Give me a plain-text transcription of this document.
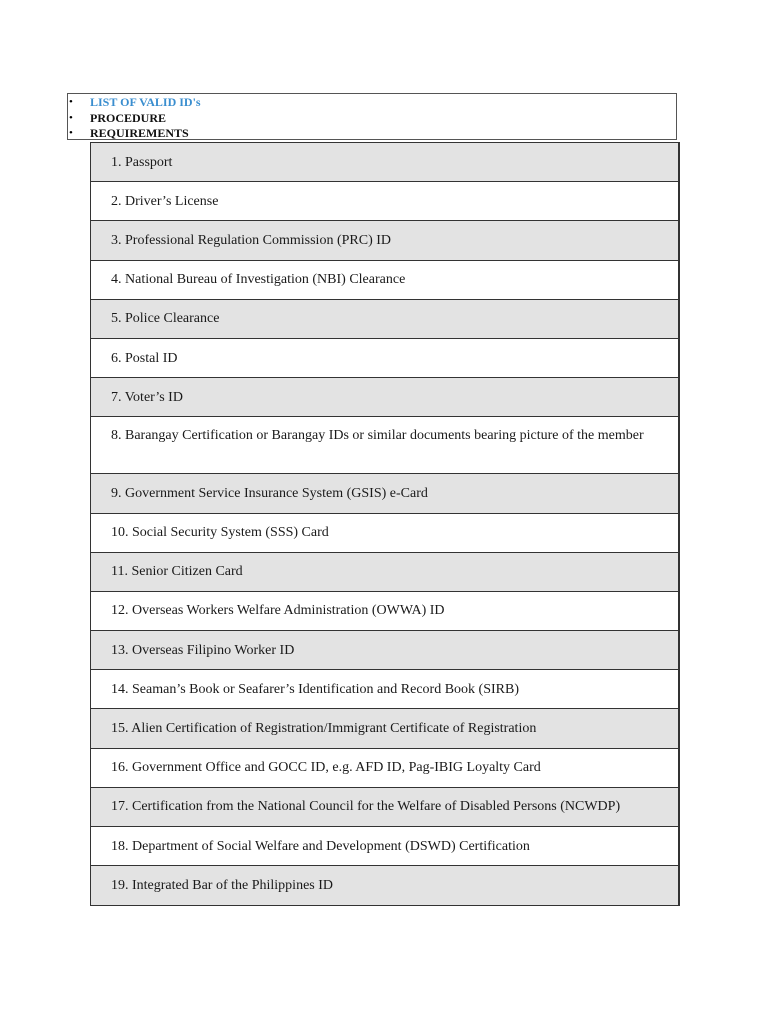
• LIST OF VALID ID's
• PROCEDURE
• REQUIREMENTS
1. Passport
2. Driver’s License
3. Professional Regulation Commission (PRC) ID
4. National Bureau of Investigation (NBI) Clearance
5. Police Clearance
6. Postal ID
7. Voter’s ID
8. Barangay Certification or Barangay IDs or similar documents bearing picture of the member
9. Government Service Insurance System (GSIS) e-Card
10. Social Security System (SSS) Card
11. Senior Citizen Card
12. Overseas Workers Welfare Administration (OWWA) ID
13. Overseas Filipino Worker ID
14. Seaman’s Book or Seafarer’s Identification and Record Book (SIRB)
15. Alien Certification of Registration/Immigrant Certificate of Registration
16. Government Office and GOCC ID, e.g. AFD ID, Pag-IBIG Loyalty Card
17. Certification from the National Council for the Welfare of Disabled Persons (NCWDP)
18. Department of Social Welfare and Development (DSWD) Certification
19. Integrated Bar of the Philippines ID
